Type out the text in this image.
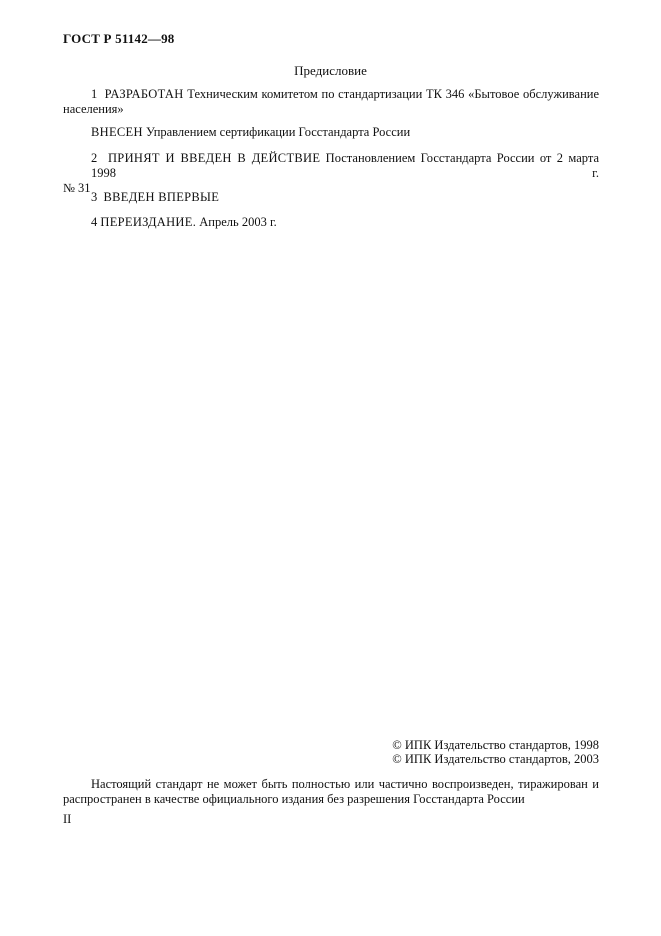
ГОСТ Р 51142—98
Предисловие
1 РАЗРАБОТАН Техническим комитетом по стандартизации ТК 346 «Бытовое обслуживание
населения»
ВНЕСЕН Управлением сертификации Госстандарта России
2 ПРИНЯТ И ВВЕДЕН В ДЕЙСТВИЕ Постановлением Госстандарта России от 2 марта 1998 г.
№ 31
3 ВВЕДЕН ВПЕРВЫЕ
4 ПЕРЕИЗДАНИЕ. Апрель 2003 г.
© ИПК Издательство стандартов, 1998
© ИПК Издательство стандартов, 2003
Настоящий стандарт не может быть полностью или частично воспроизведен, тиражирован и
распространен в качестве официального издания без разрешения Госстандарта России
II
